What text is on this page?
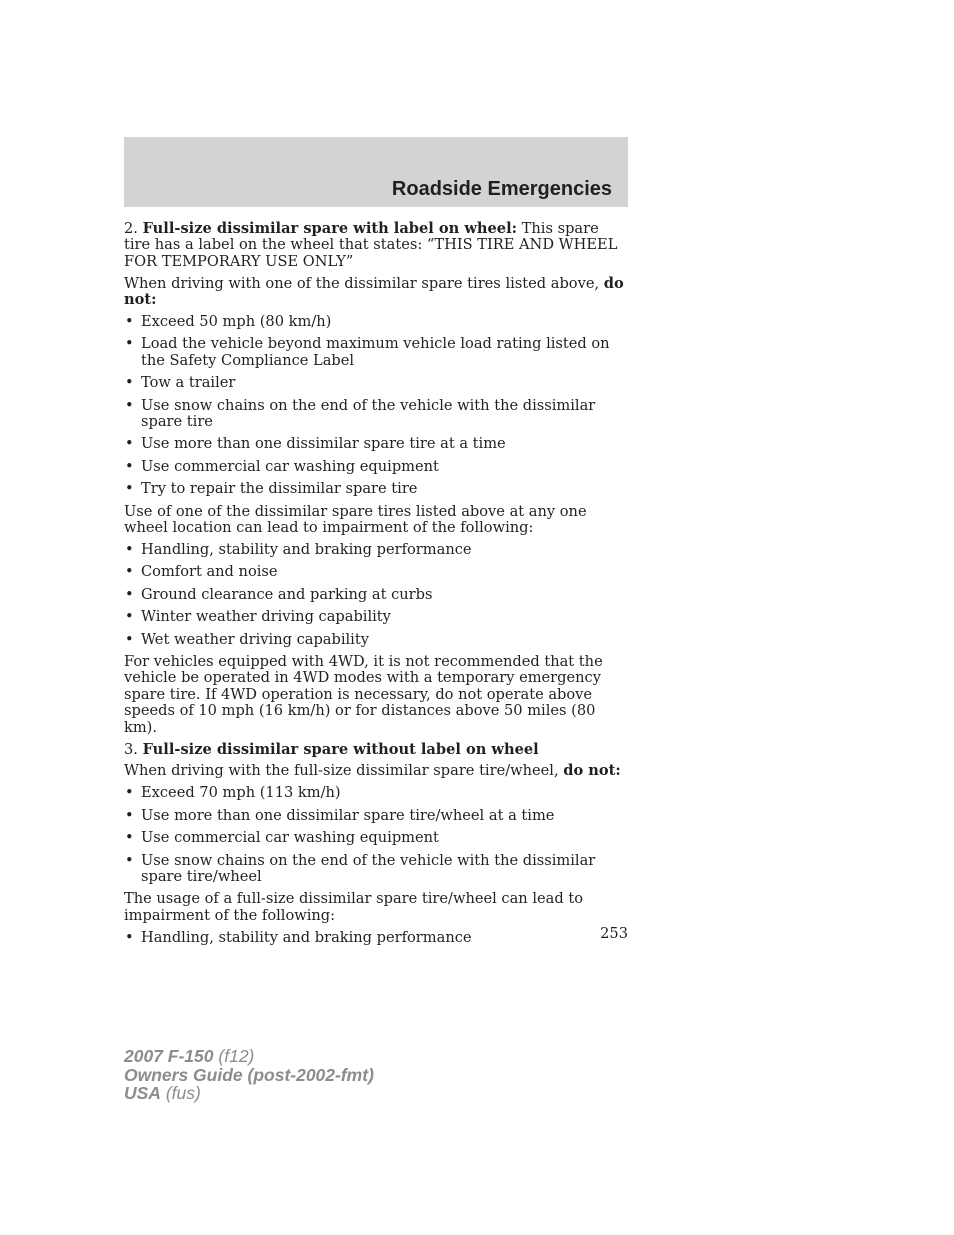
Roadside Emergencies

2. Full-size dissimilar spare with label on wheel: This spare tire has a label on the wheel that states: “THIS TIRE AND WHEEL FOR TEMPORARY USE ONLY”

When driving with one of the dissimilar spare tires listed above, do not:

• Exceed 50 mph (80 km/h)
• Load the vehicle beyond maximum vehicle load rating listed on the Safety Compliance Label
• Tow a trailer
• Use snow chains on the end of the vehicle with the dissimilar spare tire
• Use more than one dissimilar spare tire at a time
• Use commercial car washing equipment
• Try to repair the dissimilar spare tire

Use of one of the dissimilar spare tires listed above at any one wheel location can lead to impairment of the following:

• Handling, stability and braking performance
• Comfort and noise
• Ground clearance and parking at curbs
• Winter weather driving capability
• Wet weather driving capability

For vehicles equipped with 4WD, it is not recommended that the vehicle be operated in 4WD modes with a temporary emergency spare tire. If 4WD operation is necessary, do not operate above speeds of 10 mph (16 km/h) or for distances above 50 miles (80 km).

3. Full-size dissimilar spare without label on wheel

When driving with the full-size dissimilar spare tire/wheel, do not:

• Exceed 70 mph (113 km/h)
• Use more than one dissimilar spare tire/wheel at a time
• Use commercial car washing equipment
• Use snow chains on the end of the vehicle with the dissimilar spare tire/wheel

The usage of a full-size dissimilar spare tire/wheel can lead to impairment of the following:

• Handling, stability and braking performance	253
2007 F-150 (f12)
Owners Guide (post-2002-fmt)
USA (fus)
